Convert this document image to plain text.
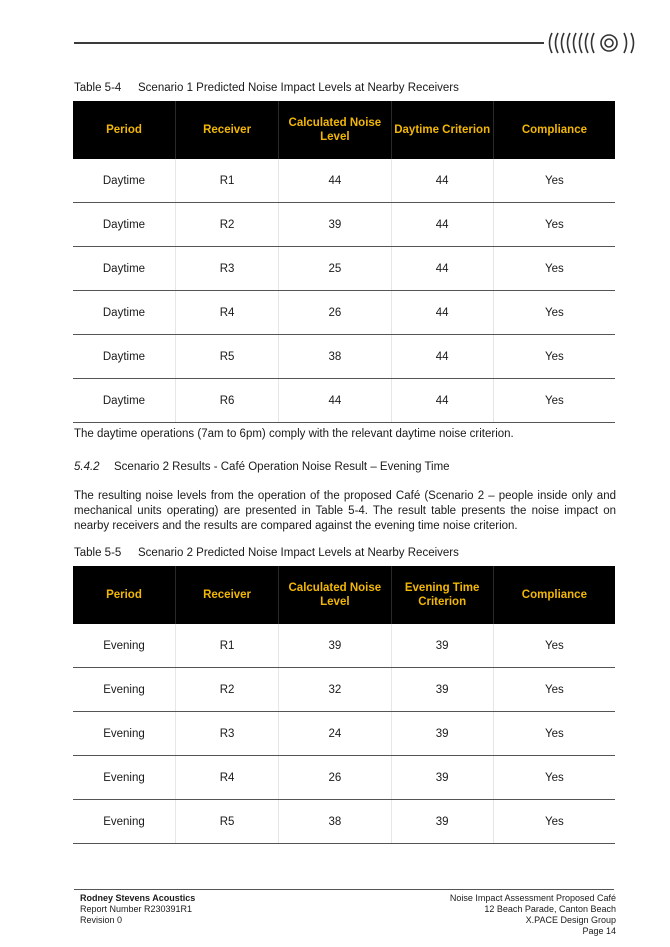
Table 5-4 Scenario 1 Predicted Noise Impact Levels at Nearby Receivers
Period	Receiver	Calculated Noise Level	Daytime Criterion	Compliance
Daytime	R1	44	44	Yes
Daytime	R2	39	44	Yes
Daytime	R3	25	44	Yes
Daytime	R4	26	44	Yes
Daytime	R5	38	44	Yes
Daytime	R6	44	44	Yes
The daytime operations (7am to 6pm) comply with the relevant daytime noise criterion.
5.4.2 Scenario 2 Results - Café Operation Noise Result – Evening Time
The resulting noise levels from the operation of the proposed Café (Scenario 2 – people inside only and mechanical units operating) are presented in Table 5-4. The result table presents the noise impact on nearby receivers and the results are compared against the evening time noise criterion.
Table 5-5 Scenario 2 Predicted Noise Impact Levels at Nearby Receivers
Period	Receiver	Calculated Noise Level	Evening Time Criterion	Compliance
Evening	R1	39	39	Yes
Evening	R2	32	39	Yes
Evening	R3	24	39	Yes
Evening	R4	26	39	Yes
Evening	R5	38	39	Yes
Rodney Stevens Acoustics
Report Number R230391R1
Revision 0
Noise Impact Assessment Proposed Café
12 Beach Parade, Canton Beach
X.PACE Design Group
Page 14
